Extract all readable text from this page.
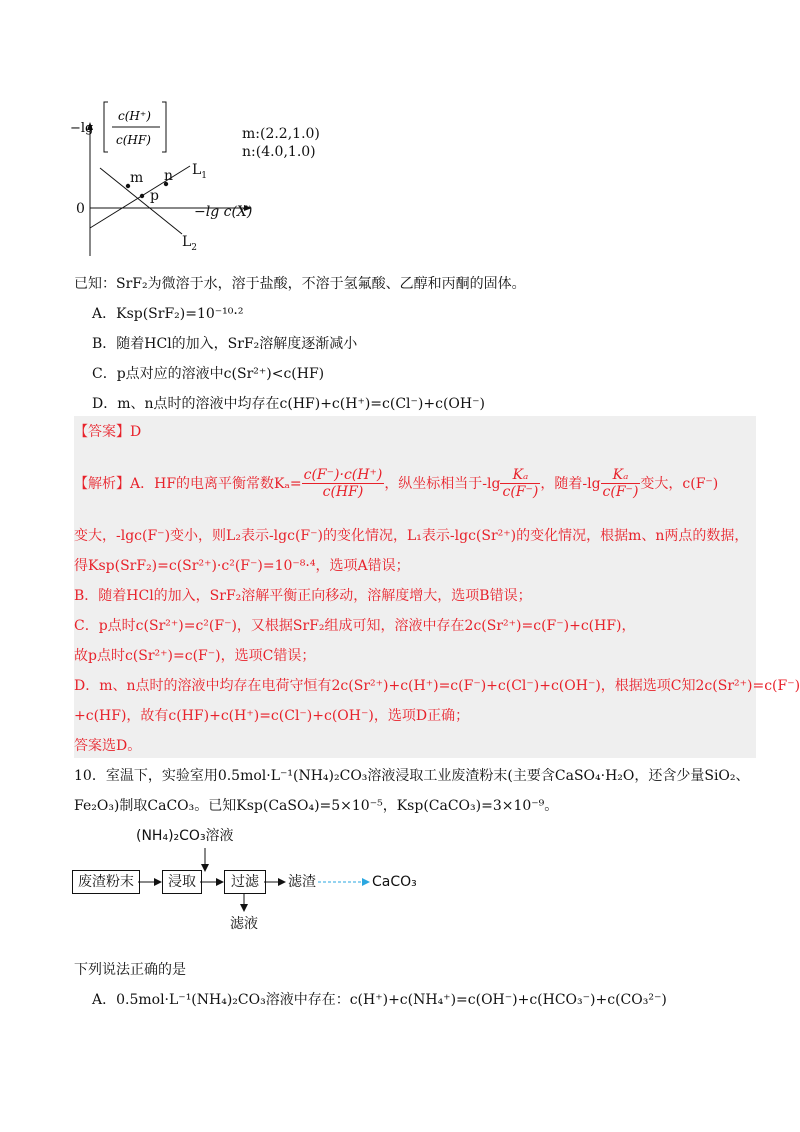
−lg
c(H⁺)
c(HF)
0
m n
p
$L_1$
$L_2$
−lg c(X)
m:(2.2,1.0)
n:(4.0,1.0)
已知：SrF₂为微溶于水，溶于盐酸，不溶于氢氟酸、乙醇和丙酮的固体。
A．Ksp(SrF₂)=10⁻¹⁰·²
B．随着HCl的加入，SrF₂溶解度逐渐减小
C．p点对应的溶液中c(Sr²⁺)<c(HF)
D．m、n点时的溶液中均存在c(HF)+c(H⁺)=c(Cl⁻)+c(OH⁻)
【答案】D
【解析】A．HF的电离平衡常数$K_a= \frac{c(F^-)\cdot c(H^+)}{c(HF)}$ ，纵坐标相当于$-\lg \frac{\text{Kₐ}}{c(F^-)}$ ，随着$-\lg \frac{\text{Kₐ}}{c(F^-)}$ 变大，c(F⁻)
变大，-lgc(F⁻)变小，则L₂表示-lgc(F⁻)的变化情况，L₁表示-lgc(Sr²⁺)的变化情况，根据m、n两点的数据，
得Ksp(SrF₂)=c(Sr²⁺)·c²(F⁻)=10⁻⁸·⁴，选项A错误；
B．随着HCl的加入，SrF₂溶解平衡正向移动，溶解度增大，选项B错误；
C．p点时c(Sr²⁺)=c²(F⁻)，又根据SrF₂组成可知，溶液中存在2c(Sr²⁺)=c(F⁻)+c(HF)，
故p点时c(Sr²⁺)=c(F⁻)，选项C错误；
D．m、n点时的溶液中均存在电荷守恒有2c(Sr²⁺)+c(H⁺)=c(F⁻)+c(Cl⁻)+c(OH⁻)，根据选项C知2c(Sr²⁺)=c(F⁻)
+c(HF)，故有c(HF)+c(H⁺)=c(Cl⁻)+c(OH⁻)，选项D正确；
答案选D。
10．室温下，实验室用0.5mol·L⁻¹(NH₄)₂CO₃溶液浸取工业废渣粉末(主要含CaSO₄·H₂O，还含少量SiO₂、
Fe₂O₃)制取CaCO₃。已知Ksp(CaSO₄)=5×10⁻⁵，Ksp(CaCO₃)=3×10⁻⁹。
(NH₄)₂CO₃溶液
废渣粉末	浸取	过滤	滤渣	CaCO₃
滤液
下列说法正确的是
A．0.5mol·L⁻¹(NH₄)₂CO₃溶液中存在：c(H⁺)+c(NH₄⁺)=c(OH⁻)+c(HCO₃⁻)+c(CO₃²⁻)
